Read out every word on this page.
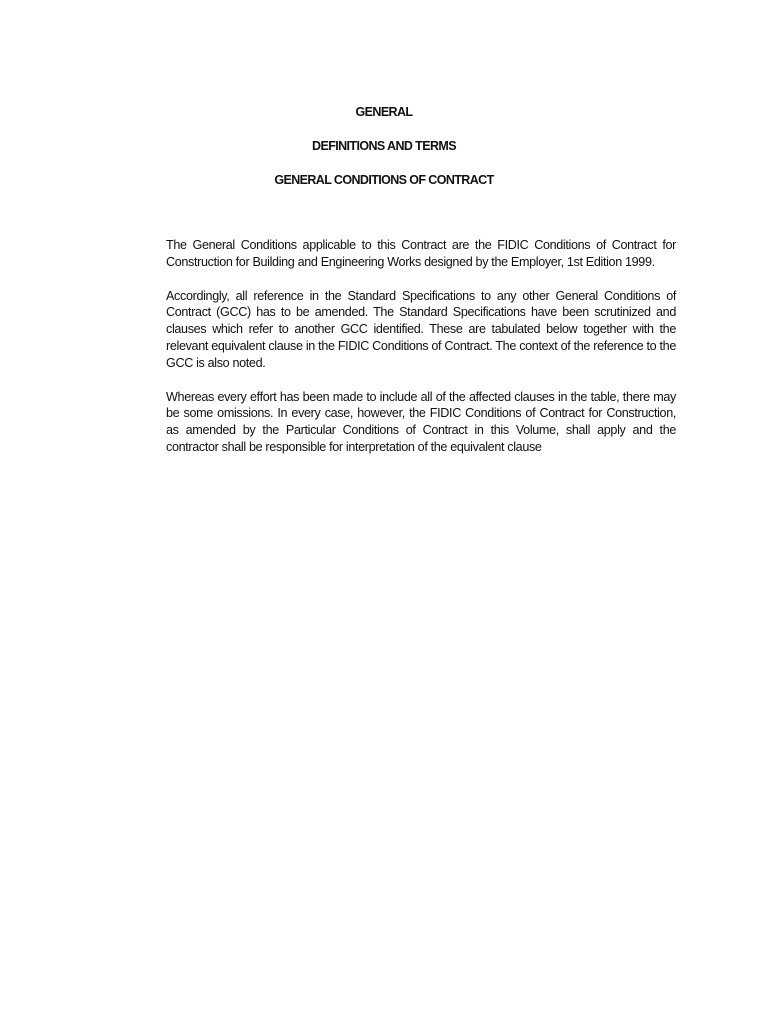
GENERAL
DEFINITIONS AND TERMS
GENERAL CONDITIONS OF CONTRACT

The General Conditions applicable to this Contract are the FIDIC Conditions of Contract for Construction for Building and Engineering Works designed by the Employer, 1st Edition 1999.

Accordingly, all reference in the Standard Specifications to any other General Conditions of Contract (GCC) has to be amended. The Standard Specifications have been scrutinized and clauses which refer to another GCC identified. These are tabulated below together with the relevant equivalent clause in the FIDIC Conditions of Contract. The context of the reference to the GCC is also noted.

Whereas every effort has been made to include all of the affected clauses in the table, there may be some omissions. In every case, however, the FIDIC Conditions of Contract for Construction, as amended by the Particular Conditions of Contract in this Volume, shall apply and the contractor shall be responsible for interpretation of the equivalent clause
